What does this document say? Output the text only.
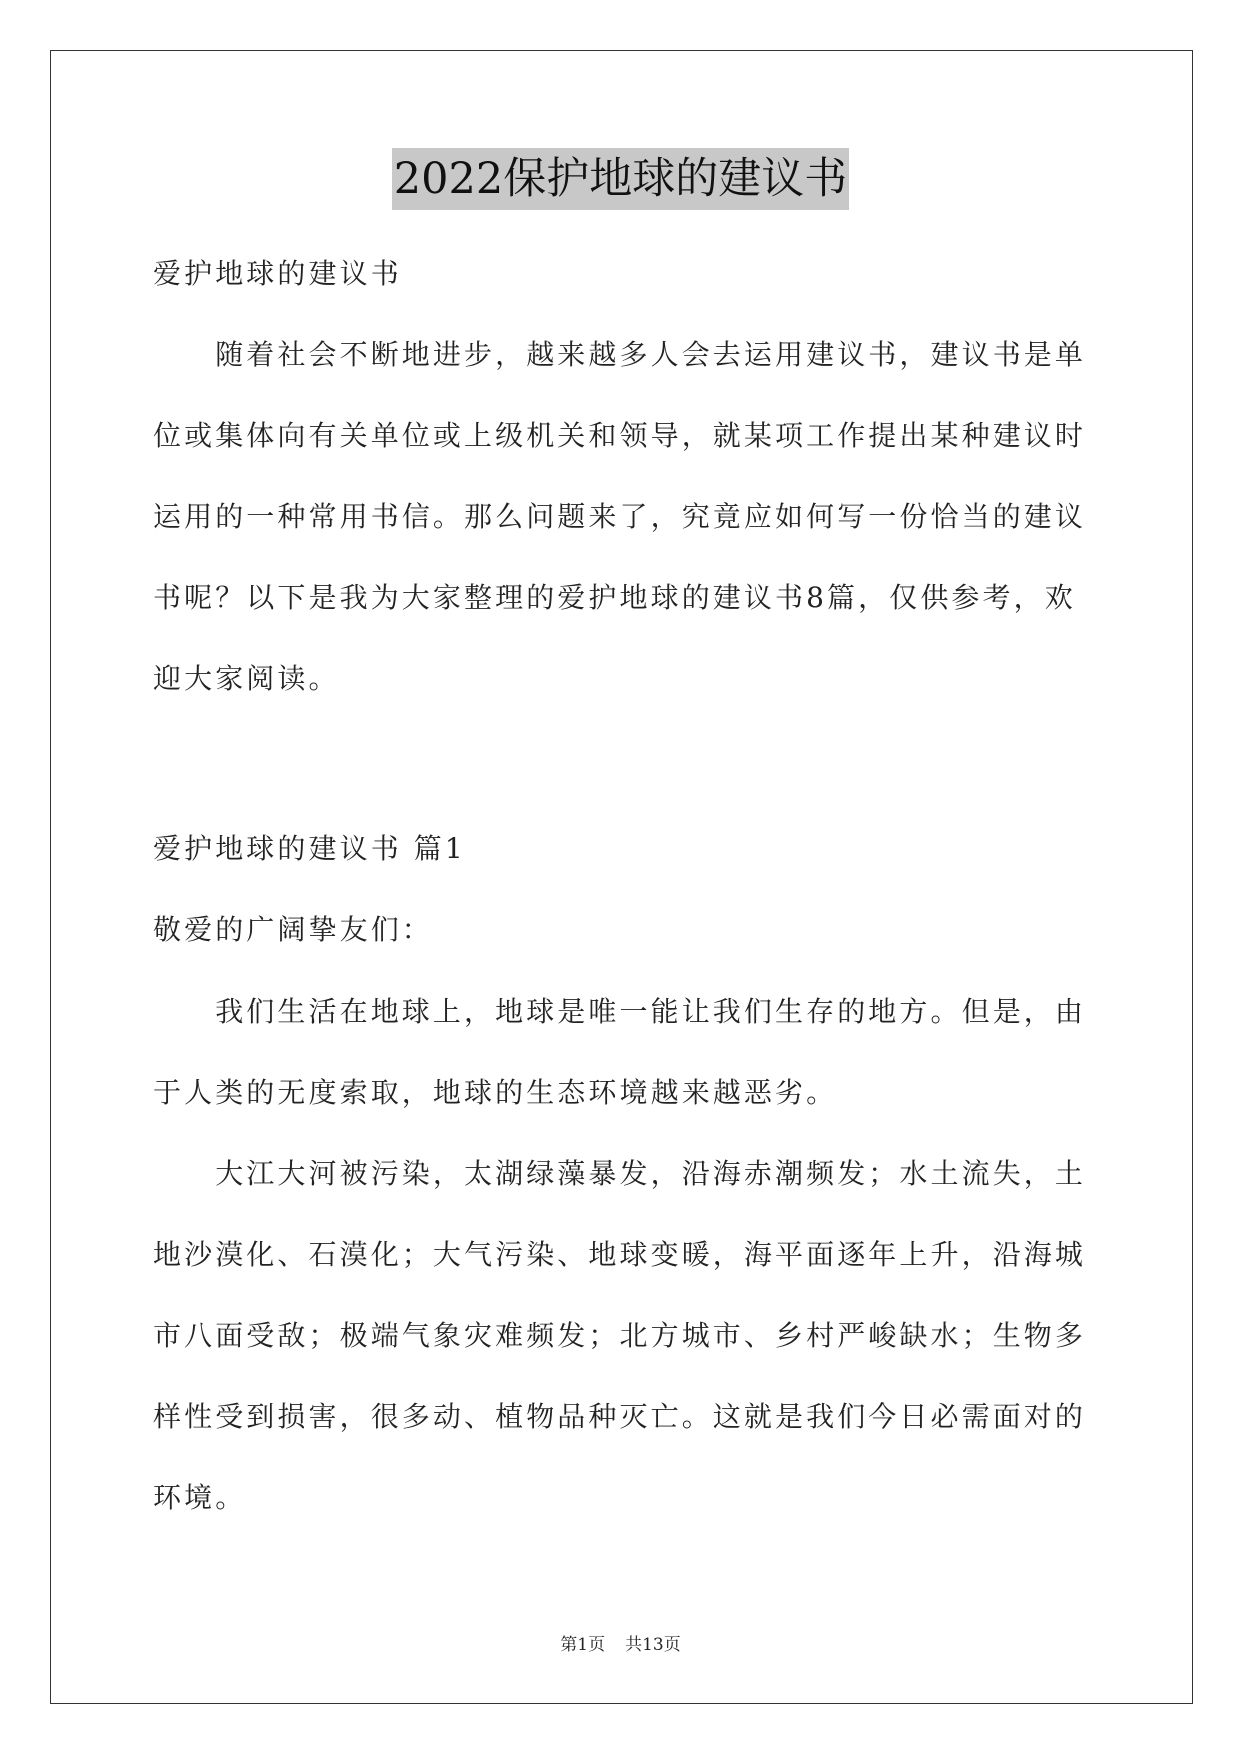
2022保护地球的建议书
爱护地球的建议书
　　随着社会不断地进步，越来越多人会去运用建议书，建议书是单
位或集体向有关单位或上级机关和领导，就某项工作提出某种建议时
运用的一种常用书信。那么问题来了，究竟应如何写一份恰当的建议
书呢？以下是我为大家整理的爱护地球的建议书8篇，仅供参考，欢
迎大家阅读。
爱护地球的建议书 篇1
敬爱的广阔挚友们：
　　我们生活在地球上，地球是唯一能让我们生存的地方。但是，由
于人类的无度索取，地球的生态环境越来越恶劣。
　　大江大河被污染，太湖绿藻暴发，沿海赤潮频发；水土流失，土
地沙漠化、石漠化；大气污染、地球变暖，海平面逐年上升，沿海城
市八面受敌；极端气象灾难频发；北方城市、乡村严峻缺水；生物多
样性受到损害，很多动、植物品种灭亡。这就是我们今日必需面对的
环境。
第1页 共13页
